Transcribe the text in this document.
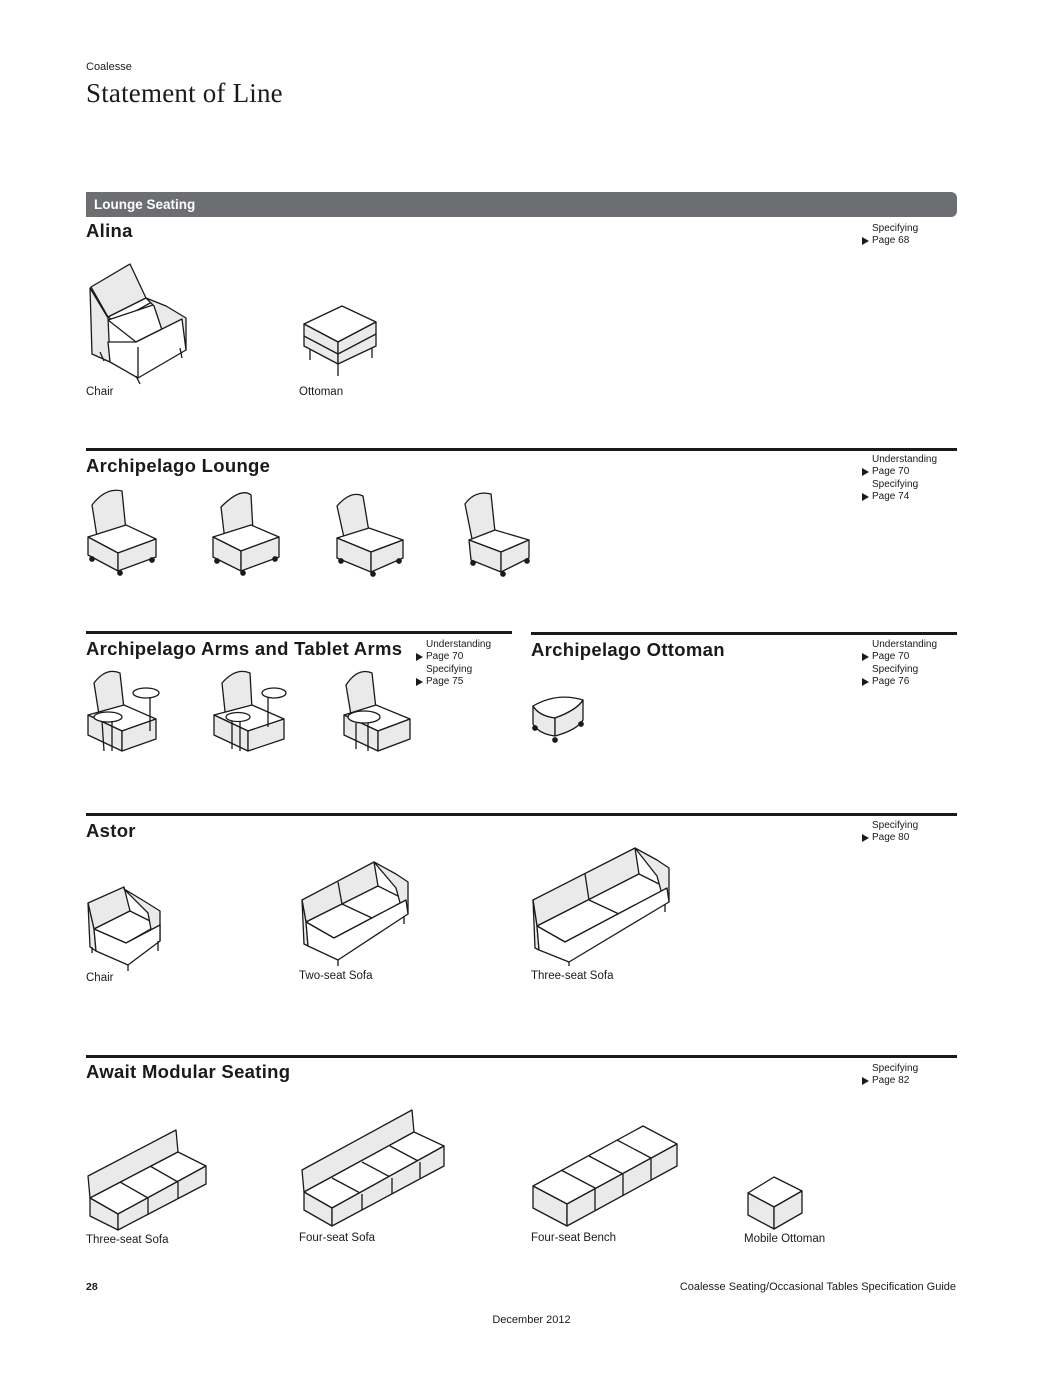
Coalesse
Statement of Line
Lounge Seating
Alina	Specifying
Page 68
Chair	Ottoman
Archipelago Lounge	Understanding
Page 70
Specifying
Page 74
Archipelago Arms and Tablet Arms	Understanding
Page 70
Specifying
Page 75
Archipelago Ottoman	Understanding
Page 70
Specifying
Page 76
Astor	Specifying
Page 80
Chair	Two-seat Sofa	Three-seat Sofa
Await Modular Seating	Specifying
Page 82
Three-seat Sofa	Four-seat Sofa	Four-seat Bench	Mobile Ottoman
28	Coalesse Seating/Occasional Tables Specification Guide
December 2012
